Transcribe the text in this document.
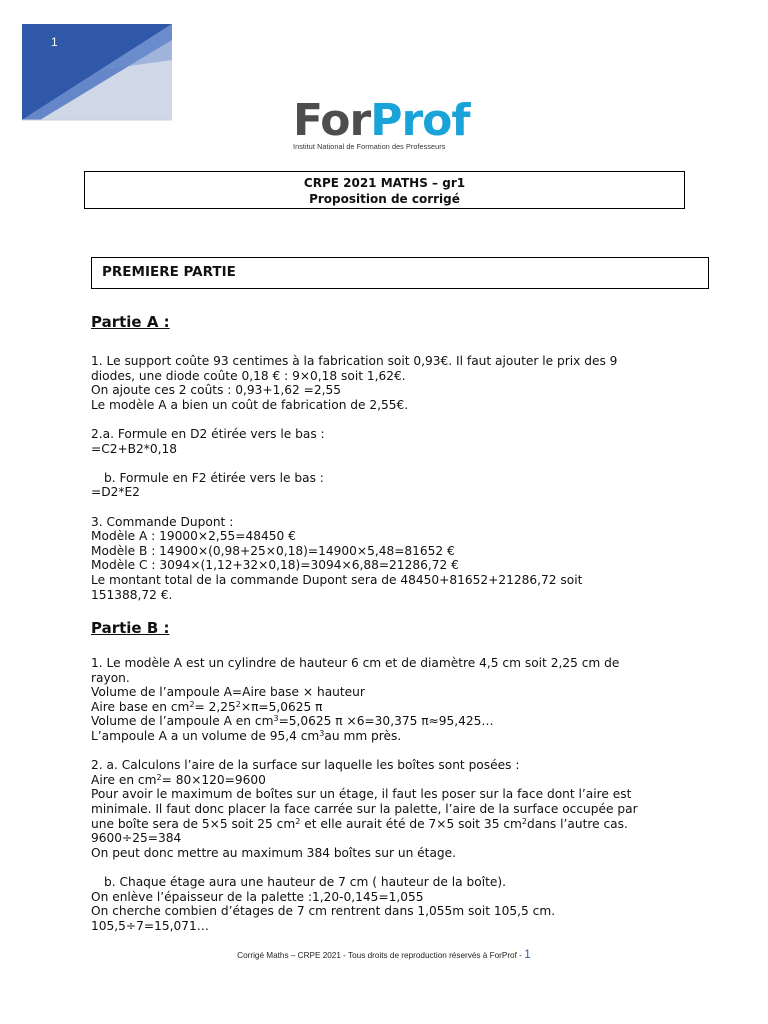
1
ForProf
Institut National de Formation des Professeurs
CRPE 2021 MATHS – gr1
Proposition de corrigé
PREMIERE PARTIE
Partie A :
1. Le support coûte 93 centimes à la fabrication soit 0,93€. Il faut ajouter le prix des 9
diodes, une diode coûte 0,18 € : 9×0,18 soit 1,62€.
On ajoute ces 2 coûts : 0,93+1,62 =2,55
Le modèle A a bien un coût de fabrication de 2,55€.
2.a. Formule en D2 étirée vers le bas :
=C2+B2*0,18
b. Formule en F2 étirée vers le bas :
=D2*E2
3. Commande Dupont :
Modèle A : 19000×2,55=48450 €
Modèle B : 14900×(0,98+25×0,18)=14900×5,48=81652 €
Modèle C : 3094×(1,12+32×0,18)=3094×6,88=21286,72 €
Le montant total de la commande Dupont sera de 48450+81652+21286,72 soit
151388,72 €.
Partie B :
1. Le modèle A est un cylindre de hauteur 6 cm et de diamètre 4,5 cm soit 2,25 cm de
rayon.
Volume de l’ampoule A=Aire base × hauteur
Aire base en $cm^2= 2,25^2\times\pi=5,0625$ π
Volume de l’ampoule A en $cm^3=5,0625$ π ×6=30,375 π≈95,425…
L’ampoule A a un volume de 95,4 $cm^3au$ mm près.
2. a. Calculons l’aire de la surface sur laquelle les boîtes sont posées :
Aire en $cm^2= 80\times 120=9600$
Pour avoir le maximum de boîtes sur un étage, il faut les poser sur la face dont l’aire est
minimale. Il faut donc placer la face carrée sur la palette, l’aire de la surface occupée par
une boîte sera de 5×5 soit 25 $cm^2$ et elle aurait été de 7×5 soit 35 $cm^2dans$ l’autre cas.
9600÷25=384
On peut donc mettre au maximum 384 boîtes sur un étage.
b. Chaque étage aura une hauteur de 7 cm ( hauteur de la boîte).
On enlève l’épaisseur de la palette :1,20-0,145=1,055
On cherche combien d’étages de 7 cm rentrent dans 1,055m soit 105,5 cm.
105,5÷7=15,071…
Corrigé Maths – CRPE 2021 - Tous droits de reproduction réservés à ForProf - 1
